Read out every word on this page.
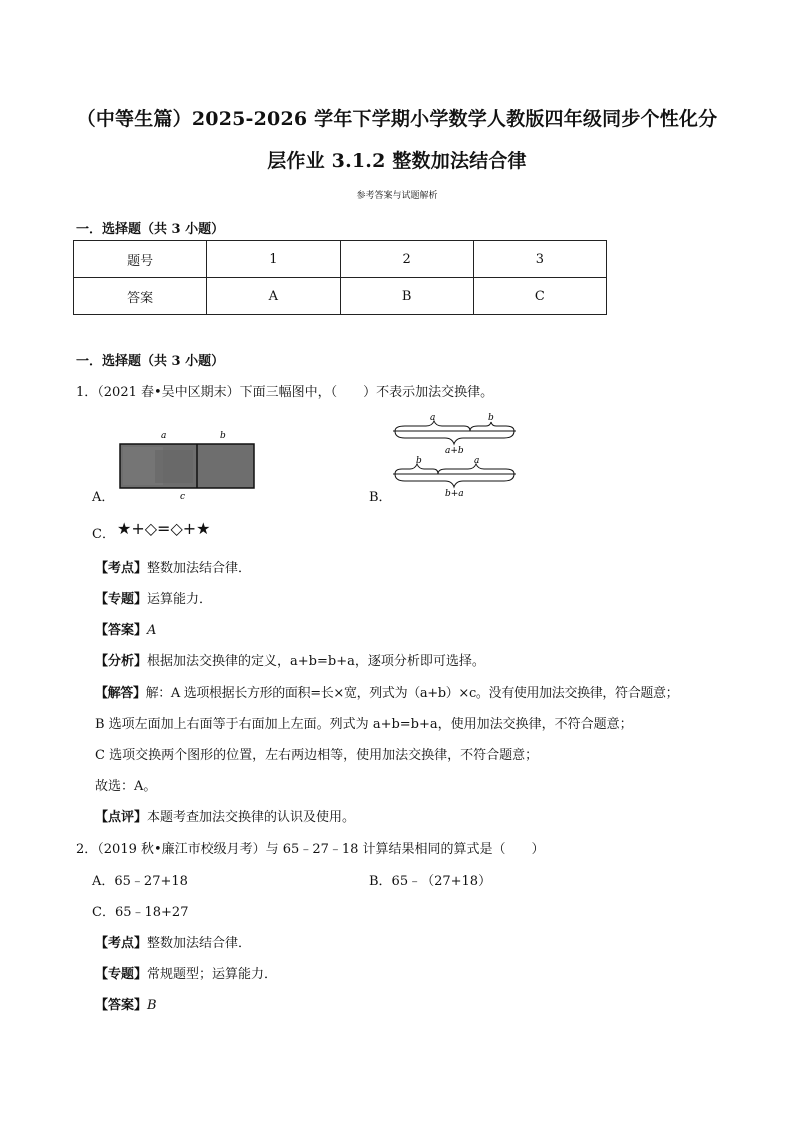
（中等生篇）2025-2026 学年下学期小学数学人教版四年级同步个性化分
层作业 3.1.2 整数加法结合律
参考答案与试题解析
一．选择题（共 3 小题）
题号	1	2	3
答案	A	B	C
一．选择题（共 3 小题）
1．（2021 春•吴中区期末）下面三幅图中，（　　）不表示加法交换律。
a	b
c
A．
a	b
a+b
b	a
b+a
B．
C． ★+◇=◇+★
【考点】整数加法结合律．
【专题】运算能力．
【答案】A
【分析】根据加法交换律的定义，a+b=b+a，逐项分析即可选择。
【解答】解：A 选项根据长方形的面积=长×宽，列式为（a+b）×c。没有使用加法交换律，符合题意；
B 选项左面加上右面等于右面加上左面。列式为 a+b=b+a，使用加法交换律，不符合题意；
C 选项交换两个图形的位置，左右两边相等，使用加法交换律，不符合题意；
故选：A。
【点评】本题考查加法交换律的认识及使用。
2．（2019 秋•廉江市校级月考）与 65﹣27﹣18 计算结果相同的算式是（　　）
A．65﹣27+18	B．65﹣（27+18）
C．65﹣18+27
【考点】整数加法结合律．
【专题】常规题型；运算能力．
【答案】B
